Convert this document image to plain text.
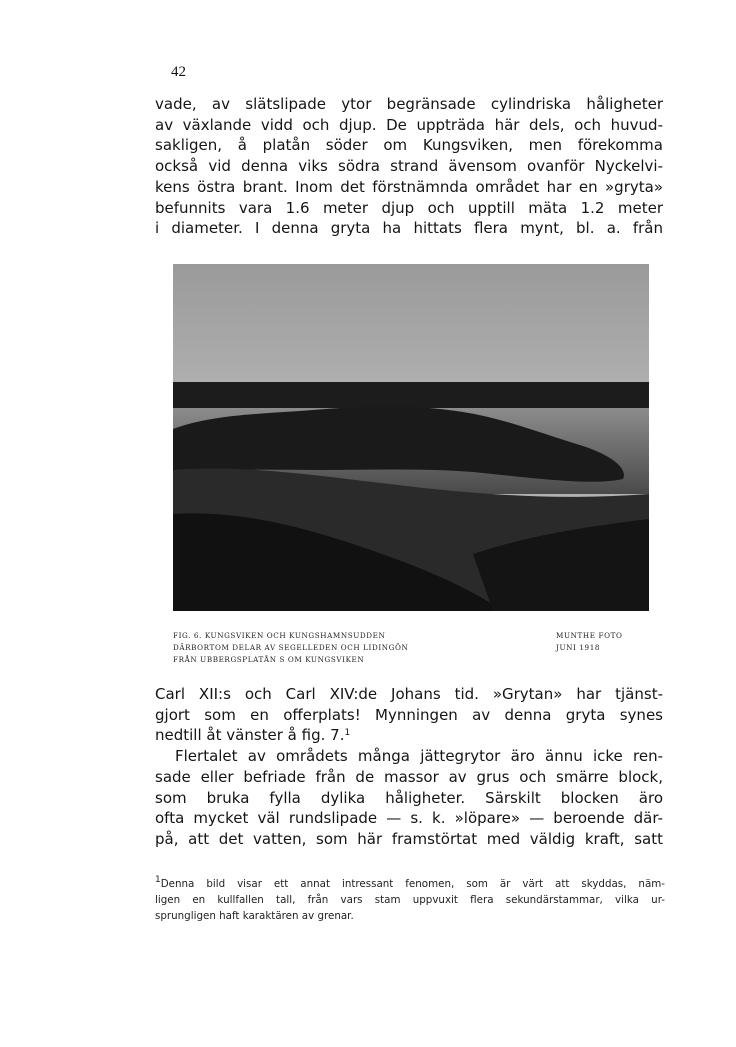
42
vade, av slätslipade ytor begränsade cylindriska håligheter
av växlande vidd och djup. De uppträda här dels, och huvud-
sakligen, å platån söder om Kungsviken, men förekomma
också vid denna viks södra strand ävensom ovanför Nyckelvi-
kens östra brant. Inom det förstnämnda området har en »gryta»
befunnits vara 1.6 meter djup och upptill mäta 1.2 meter
i diameter. I denna gryta ha hittats flera mynt, bl. a. från
FIG. 6. KUNGSVIKEN OCH KUNGSHAMNSUDDEN
DÄRBORTOM DELAR AV SEGELLEDEN OCH LIDINGÖN
FRÅN UBBERGSPLATÅN S OM KUNGSVIKEN
MUNTHE FOTO
JUNI 1918
Carl XII:s och Carl XIV:de Johans tid. »Grytan» har tjänst-
gjort som en offerplats! Mynningen av denna gryta synes
nedtill åt vänster å fig. 7.$^1$
Flertalet av områdets många jättegrytor äro ännu icke ren-
sade eller befriade från de massor av grus och smärre block,
som bruka fylla dylika håligheter. Särskilt blocken äro
ofta mycket väl rundslipade — s. k. »löpare» — beroende där-
på, att det vatten, som här framstörtat med väldig kraft, satt
$^1$Denna bild visar ett annat intressant fenomen, som är värt att skyddas, näm-
ligen en kullfallen tall, från vars stam uppvuxit flera sekundärstammar, vilka ur-
sprungligen haft karaktären av grenar.
